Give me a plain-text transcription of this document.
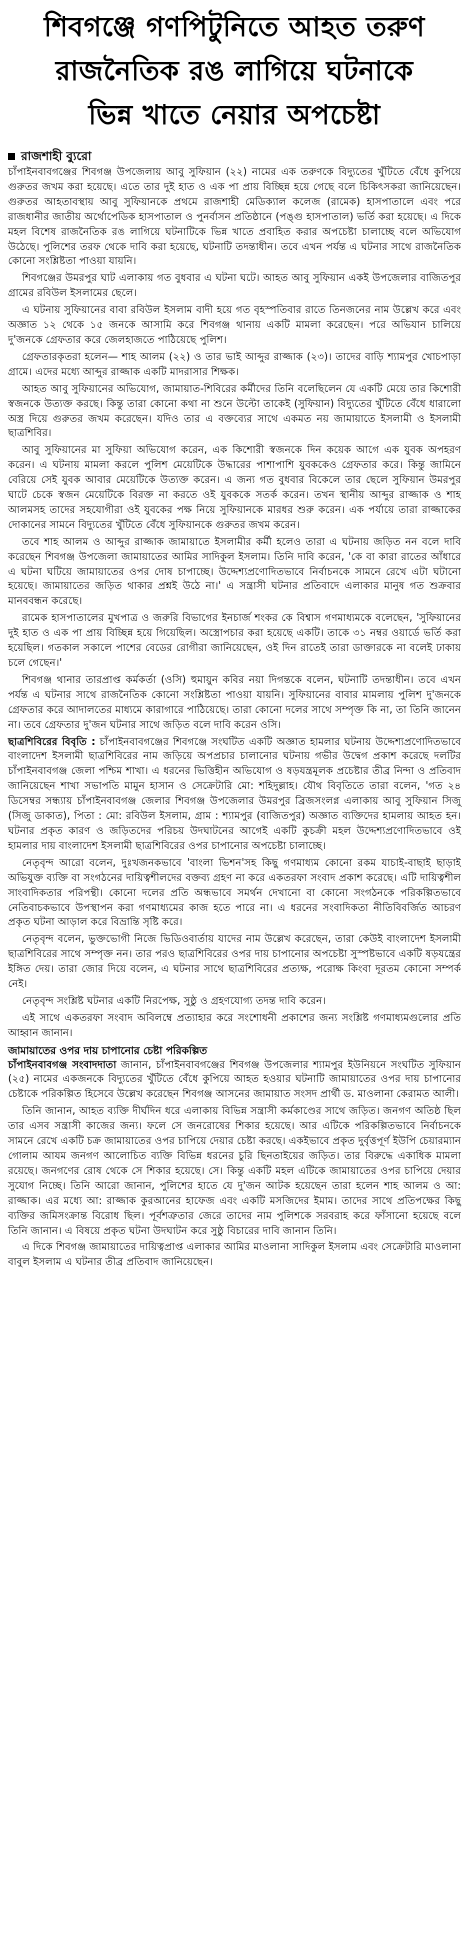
শিবগঞ্জে গণপিটুনিতে আহত তরুণ
রাজনৈতিক রঙ লাগিয়ে ঘটনাকে
ভিন্ন খাতে নেয়ার অপচেষ্টা
রাজশাহী ব্যুরো

চাঁপাইনবাবগঞ্জের শিবগঞ্জ উপজেলায় আবু সুফিয়ান (২২) নামের এক তরুণকে বিদ্যুতের খুঁটিতে বেঁধে কুপিয়ে গুরুতর জখম করা হয়েছে। এতে তার দুই হাত ও এক পা প্রায় বিচ্ছিন্ন হয়ে গেছে বলে চিকিৎসকরা জানিয়েছেন। গুরুতর আহতাবস্থায় আবু সুফিয়ানকে প্রথমে রাজশাহী মেডিক্যাল কলেজ (রামেক) হাসপাতালে এবং পরে রাজধানীর জাতীয় অর্থোপেডিক হাসপাতাল ও পুনর্বাসন প্রতিষ্ঠানে (পঙ্গু হাসপাতাল) ভর্তি করা হয়েছে। এ দিকে মহল বিশেষ রাজনৈতিক রঙ লাগিয়ে ঘটনাটিকে ভিন্ন খাতে প্রবাহিত করার অপচেষ্টা চালাচ্ছে বলে অভিযোগ উঠেছে। পুলিশের তরফ থেকে দাবি করা হয়েছে, ঘটনাটি তদন্তাধীন। তবে এখন পর্যন্ত এ ঘটনার সাথে রাজনৈতিক কোনো সংশ্লিষ্টতা পাওয়া যায়নি।

শিবগঞ্জের উমরপুর ঘাট এলাকায় গত বুধবার এ ঘটনা ঘটে। আহত আবু সুফিয়ান একই উপজেলার বাজিতপুর গ্রামের রবিউল ইসলামের ছেলে।

এ ঘটনায় সুফিয়ানের বাবা রবিউল ইসলাম বাদী হয়ে গত বৃহস্পতিবার রাতে তিনজনের নাম উল্লেখ করে এবং অজ্ঞাত ১২ থেকে ১৫ জনকে আসামি করে শিবগঞ্জ থানায় একটি মামলা করেছেন। পরে অভিযান চালিয়ে দু'জনকে গ্রেফতার করে জেলহাজতে পাঠিয়েছে পুলিশ।

গ্রেফতারকৃতরা হলেন— শাহ আলম (২২) ও তার ভাই আব্দুর রাজ্জাক (২৩)। তাদের বাড়ি শ্যামপুর খোচপাড়া গ্রামে। এদের মধ্যে আব্দুর রাজ্জাক একটি মাদরাসার শিক্ষক।

আহত আবু সুফিয়ানের অভিযোগ, জামায়াত-শিবিরের কর্মীদের তিনি বলেছিলেন যে একটি মেয়ে তার কিশোরী স্বজনকে উত্যক্ত করছে। কিন্তু তারা কোনো কথা না শুনে উল্টো তাকেই (সুফিয়ান) বিদ্যুতের খুঁটিতে বেঁধে ধারালো অস্ত্র দিয়ে গুরুতর জখম করেছেন। যদিও তার এ বক্তব্যের সাথে একমত নয় জামায়াতে ইসলামী ও ইসলামী ছাত্রশিবির।

আবু সুফিয়ানের মা সুফিয়া অভিযোগ করেন, এক কিশোরী স্বজনকে দিন কয়েক আগে এক যুবক অপহরণ করেন। এ ঘটনায় মামলা করলে পুলিশ মেয়েটিকে উদ্ধারের পাশাপাশি যুবককেও গ্রেফতার করে। কিন্তু জামিনে বেরিয়ে সেই যুবক আবার মেয়েটিকে উত্যক্ত করেন। এ জন্য গত বুধবার বিকেলে তার ছেলে সুফিয়ান উমরপুর ঘাটে চেকে স্বজন মেয়েটিকে বিরক্ত না করতে ওই যুবককে সতর্ক করেন। তখন স্থানীয় আব্দুর রাজ্জাক ও শাহ আলমসহ তাদের সহযোগীরা ওই যুবকের পক্ষ নিয়ে সুফিয়ানকে মারধর শুরু করেন। এক পর্যায়ে তারা রাজ্জাকের দোকানের সামনে বিদ্যুতের খুঁটিতে বেঁধে সুফিয়ানকে গুরুতর জখম করেন।

তবে শাহ আলম ও আব্দুর রাজ্জাক জামায়াতে ইসলামীর কর্মী হলেও তারা এ ঘটনায় জড়িত নন বলে দাবি করেছেন শিবগঞ্জ উপজেলা জামায়াতের আমির সাদিকুল ইসলাম। তিনি দাবি করেন, 'কে বা কারা রাতের আঁধারে এ ঘটনা ঘটিয়ে জামায়াতের ওপর দোষ চাপাচ্ছে। উদ্দেশ্যপ্রণোদিতভাবে নির্বাচনকে সামনে রেখে এটা ঘটানো হয়েছে। জামায়াতের জড়িত থাকার প্রশ্নই উঠে না।' এ সন্ত্রাসী ঘটনার প্রতিবাদে এলাকার মানুষ গত শুক্রবার মানববন্ধন করেছে।

রামেক হাসপাতালের মুখপাত্র ও জরুরি বিভাগের ইনচার্জ শংকর কে বিশ্বাস গণমাধ্যমকে বলেছেন, 'সুফিয়ানের দুই হাত ও এক পা প্রায় বিচ্ছিন্ন হয়ে গিয়েছিল। অস্ত্রোপচার করা হয়েছে একটি। তাকে ৩১ নম্বর ওয়ার্ডে ভর্তি করা হয়েছিল। গতকাল সকালে পাশের বেডের রোগীরা জানিয়েছেন, ওই দিন রাতেই তারা ডাক্তারকে না বলেই ঢাকায় চলে গেছেন।'

শিবগঞ্জ থানার তারপ্রাপ্ত কর্মকর্তা (ওসি) হুমায়ুন কবির নয়া দিগন্তকে বলেন, ঘটনাটি তদন্তাধীন। তবে এখন পর্যন্ত এ ঘটনার সাথে রাজনৈতিক কোনো সংশ্লিষ্টতা পাওয়া যায়নি। সুফিয়ানের বাবার মামলায় পুলিশ দু'জনকে গ্রেফতার করে আদালতের মাধ্যমে কারাগারে পাঠিয়েছে। তারা কোনো দলের সাথে সম্পৃক্ত কি না, তা তিনি জানেন না। তবে গ্রেফতার দু'জন ঘটনার সাথে জড়িত বলে দাবি করেন ওসি।

ছাত্রশিবিরের বিবৃতি : চাঁপাইনবাবগঞ্জের শিবগঞ্জে সংঘটিত একটি অজ্ঞাত হামলার ঘটনায় উদ্দেশ্যপ্রণোদিতভাবে বাংলাদেশ ইসলামী ছাত্রশিবিরের নাম জড়িয়ে অপপ্রচার চালানোর ঘটনায় গভীর উদ্বেগ প্রকাশ করেছে দলটির চাঁপাইনবাবগঞ্জ জেলা পশ্চিম শাখা। এ ধরনের ভিত্তিহীন অভিযোগ ও ষড়যন্ত্রমূলক প্রচেষ্টার তীব্র নিন্দা ও প্রতিবাদ জানিয়েছেন শাখা সভাপতি মামুন হাসান ও সেক্রেটারি মো: শহিদুল্লাহ। যৌথ বিবৃতিতে তারা বলেন, 'গত ২৪ ডিসেম্বর সন্ধ্যায় চাঁপাইনবাবগঞ্জ জেলার শিবগঞ্জ উপজেলার উমরপুর ব্রিজসংলগ্ন এলাকায় আবু সুফিয়ান সিজু (সিজু ডাকাত), পিতা : মো: রবিউল ইসলাম, গ্রাম : শ্যামপুর (বাজিতপুর) অজ্ঞাত ব্যক্তিদের হামলায় আহত হন। ঘটনার প্রকৃত কারণ ও জড়িতদের পরিচয় উদঘাটনের আগেই একটি কুচক্রী মহল উদ্দেশ্যপ্রণোদিতভাবে ওই হামলার দায় বাংলাদেশ ইসলামী ছাত্রশিবিরের ওপর চাপানোর অপচেষ্টা চালাচ্ছে।

নেতৃবৃন্দ আরো বলেন, দুঃখজনকভাবে 'বাংলা ভিশন'সহ কিছু গণমাধ্যম কোনো রকম যাচাই-বাছাই ছাড়াই অভিযুক্ত ব্যক্তি বা সংগঠনের দায়িত্বশীলদের বক্তব্য গ্রহণ না করে একতরফা সংবাদ প্রকাশ করেছে। এটি দায়িত্বশীল সাংবাদিকতার পরিপন্থী। কোনো দলের প্রতি অন্ধভাবে সমর্থন দেখানো বা কোনো সংগঠনকে পরিকল্পিতভাবে নেতিবাচকভাবে উপস্থাপন করা গণমাধ্যমের কাজ হতে পারে না। এ ধরনের সংবাদিকতা নীতিবিবর্জিত আচরণ প্রকৃত ঘটনা আড়াল করে বিভ্রান্তি সৃষ্টি করে।

নেতৃবৃন্দ বলেন, ভুক্তভোগী নিজে ভিডিওবার্তায় যাদের নাম উল্লেখ করেছেন, তারা কেউই বাংলাদেশ ইসলামী ছাত্রশিবিরের সাথে সম্পৃক্ত নন। তার পরও ছাত্রশিবিরের ওপর দায় চাপানোর অপচেষ্টা সুস্পষ্টভাবে একটি ষড়যন্ত্রের ইঙ্গিত দেয়। তারা জোর দিয়ে বলেন, এ ঘটনার সাথে ছাত্রশিবিরের প্রত্যক্ষ, পরোক্ষ কিংবা দূরতম কোনো সম্পর্ক নেই।

নেতৃবৃন্দ সংশ্লিষ্ট ঘটনার একটি নিরপেক্ষ, সুষ্ঠু ও গ্রহণযোগ্য তদন্ত দাবি করেন।

এই সাথে একতরফা সংবাদ অবিলম্বে প্রত্যাহার করে সংশোধনী প্রকাশের জন্য সংশ্লিষ্ট গণমাধ্যমগুলোর প্রতি আহ্বান জানান।

জামায়াতের ওপর দায় চাপানোর চেষ্টা পরিকল্পিত

চাঁপাইনবাবগঞ্জ সংবাদদাতা জানান, চাঁপাইনবাবগঞ্জের শিবগঞ্জ উপজেলার শ্যামপুর ইউনিয়নে সংঘটিত সুফিয়ান (২৫) নামের একজনকে বিদ্যুতের খুঁটিতে বেঁধে কুপিয়ে আহত হওয়ার ঘটনাটি জামায়াতের ওপর দায় চাপানোর চেষ্টাকে পরিকল্পিত হিসেবে উল্লেখ করেছেন শিবগঞ্জ আসনের জামায়াত সংসদ প্রার্থী ড. মাওলানা কেরামত আলী।

তিনি জানান, আহত ব্যক্তি দীর্ঘদিন ধরে এলাকায় বিভিন্ন সন্ত্রাসী কর্মকাণ্ডের সাথে জড়িত। জনগণ অতিষ্ঠ ছিল তার এসব সন্ত্রাসী কাজের জন্য। ফলে সে জনরোষের শিকার হয়েছে। আর এটিকে পরিকল্পিতভাবে নির্বাচনকে সামনে রেখে একটি চক্র জামায়াতের ওপর চাপিয়ে দেয়ার চেষ্টা করছে। একইভাবে প্রকৃত দুর্বৃত্তপূর্ণ ইউপি চেয়ারম্যান গোলাম আযম জনগণ আলোচিত ব্যক্তি বিভিন্ন ধরনের চুরি ছিনতাইয়ের জড়িত। তার বিরুদ্ধে একাধিক মামলা রয়েছে। জনগণের রোষ থেকে সে শিকার হয়েছে। সে। কিন্তু একটি মহল এটিকে জামায়াতের ওপর চাপিয়ে দেয়ার সুযোগ নিচ্ছে। তিনি আরো জানান, পুলিশের হাতে যে দু'জন আটক হয়েছেন তারা হলেন শাহ আলম ও আ: রাজ্জাক। এর মধ্যে আ: রাজ্জাক কুরআনের হাফেজ এবং একটি মসজিদের ইমাম। তাদের সাথে প্রতিপক্ষের কিছু ব্যক্তির জমিসংক্রান্ত বিরোধ ছিল। পূর্বশত্রুতার জেরে তাদের নাম পুলিশকে সরবরাহ করে ফাঁসানো হয়েছে বলে তিনি জানান। এ বিষয়ে প্রকৃত ঘটনা উদঘাটন করে সুষ্ঠু বিচারের দাবি জানান তিনি।

এ দিকে শিবগঞ্জ জামায়াতের দায়িত্বপ্রাপ্ত এলাকার আমির মাওলানা সাদিকুল ইসলাম এবং সেক্রেটারি মাওলানা বাবুল ইসলাম এ ঘটনার তীব্র প্রতিবাদ জানিয়েছেন।
